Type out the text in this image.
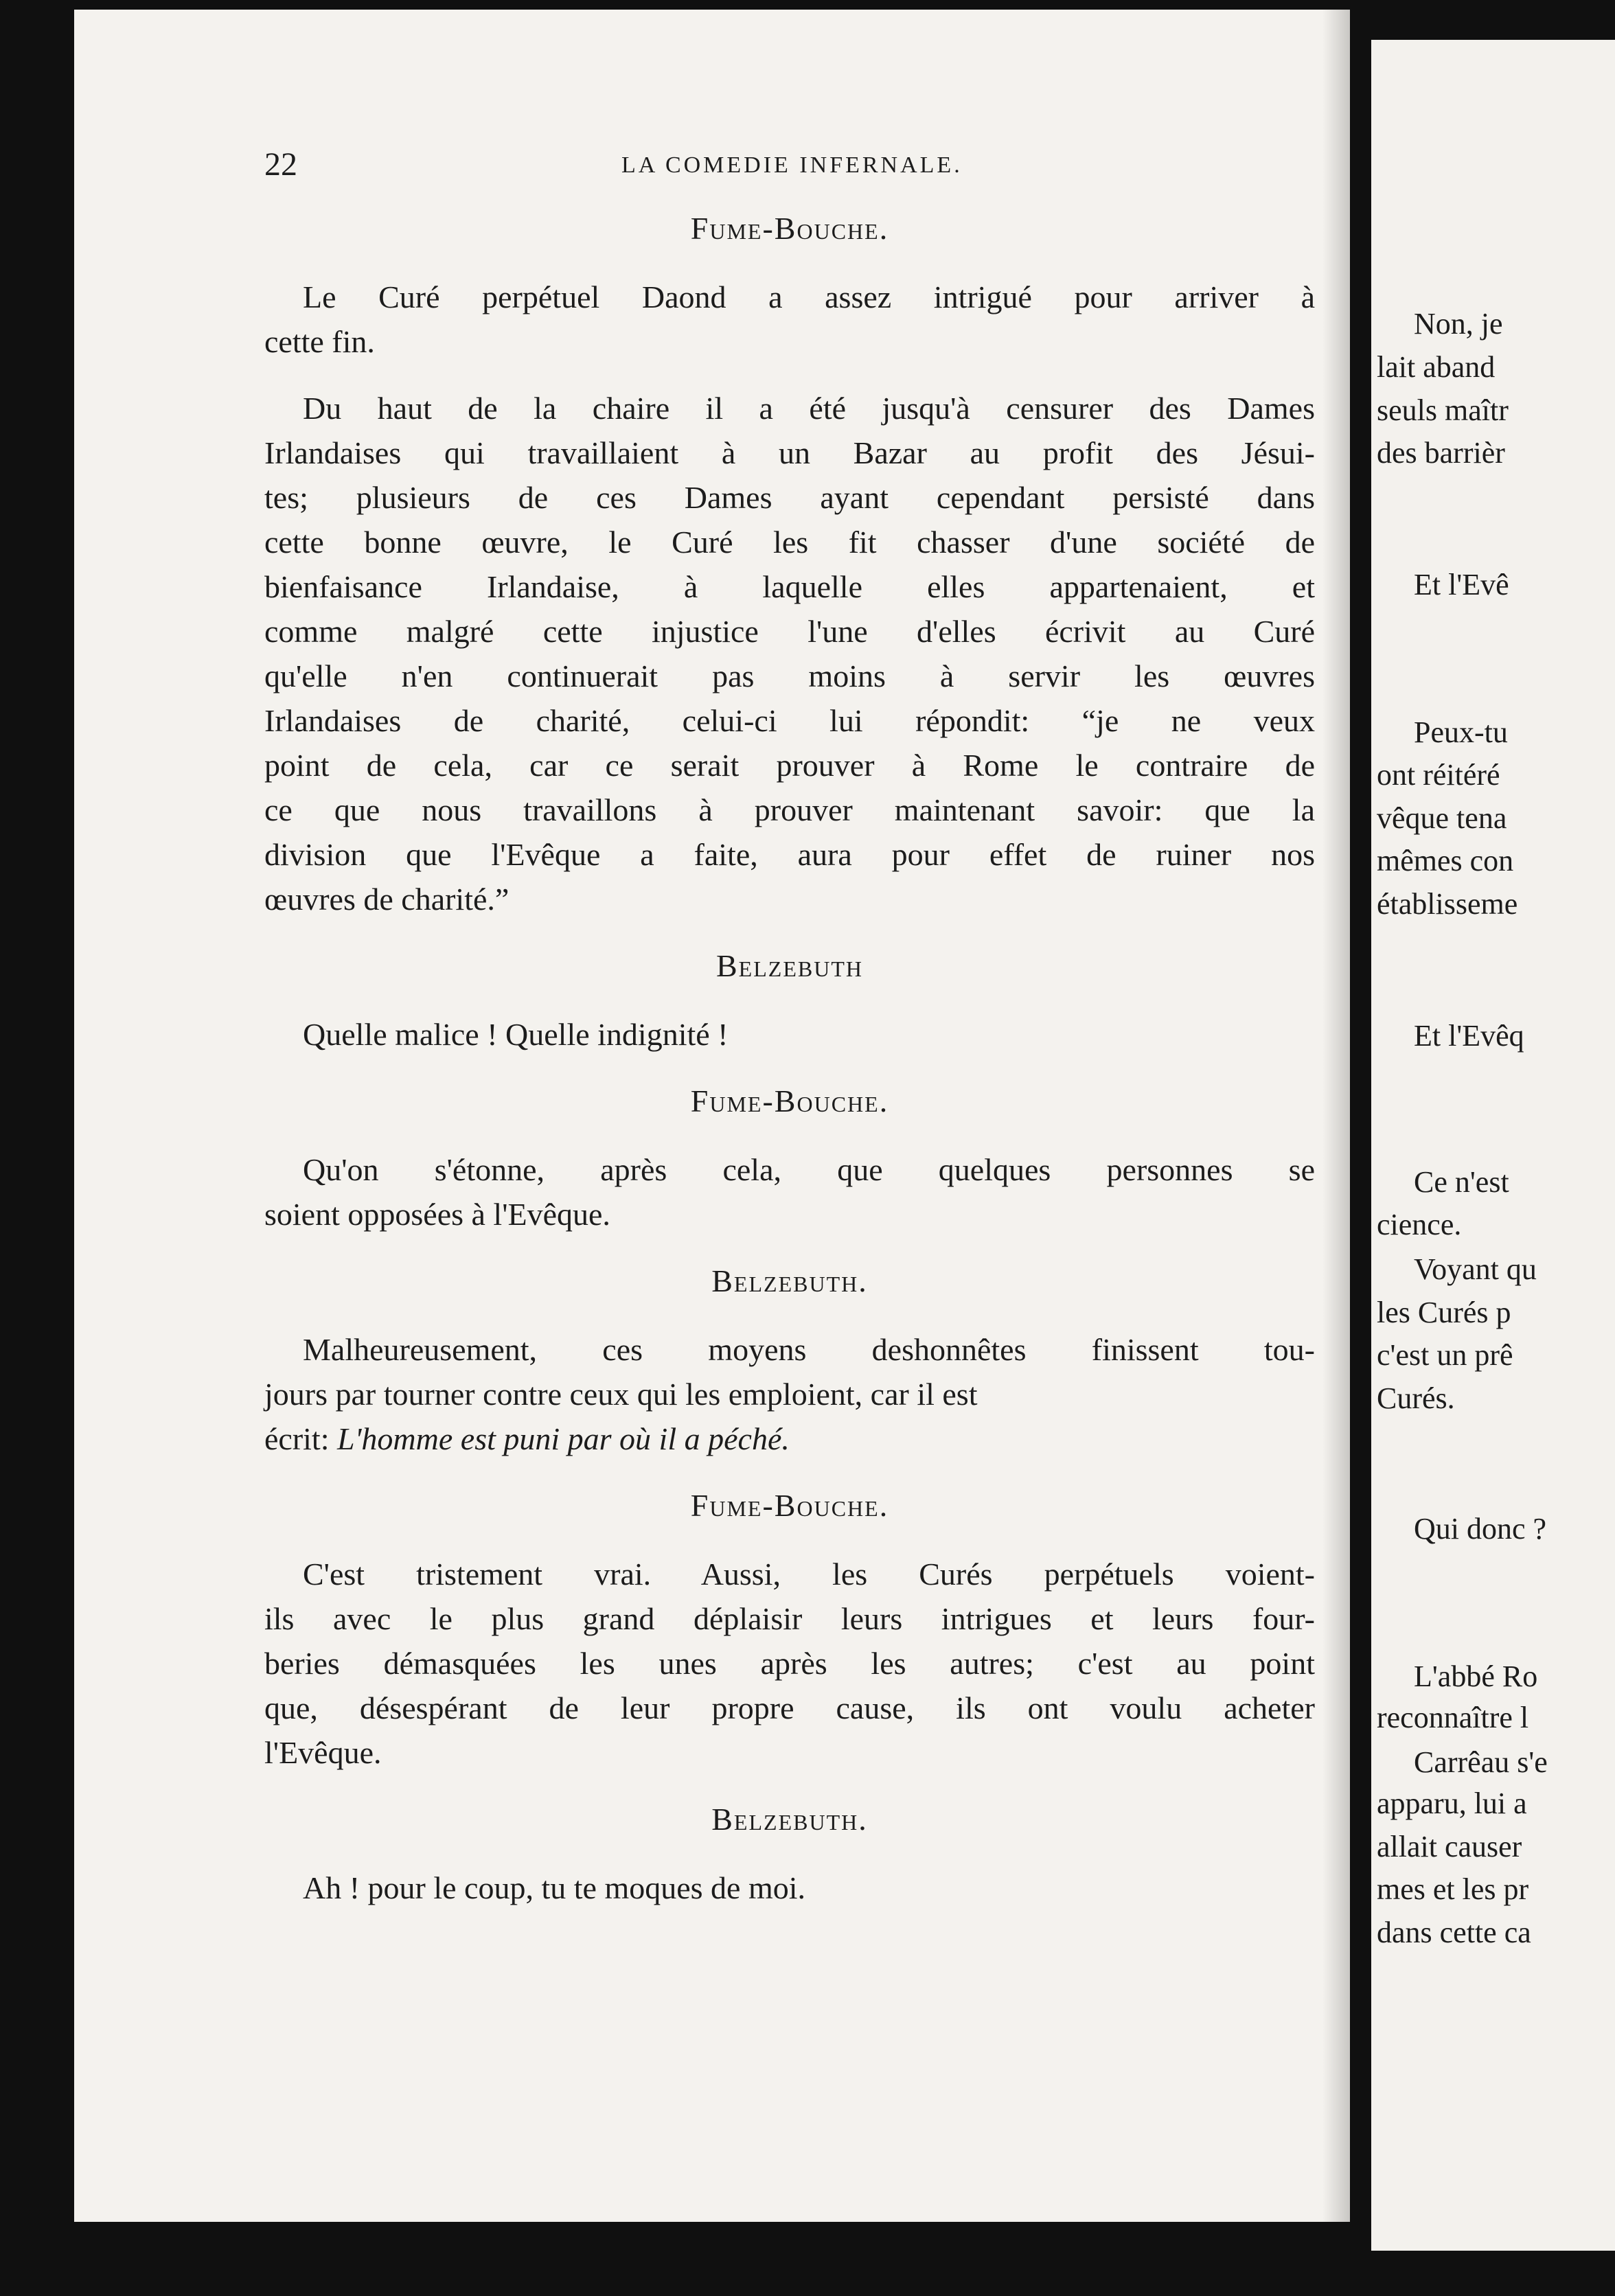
22	LA COMEDIE INFERNALE.
Fume-Bouche.
Le Curé perpétuel Daond a assez intrigué pour arriver à
cette fin.
Du haut de la chaire il a été jusqu'à censurer des Dames
Irlandaises qui travaillaient à un Bazar au profit des Jésui-
tes; plusieurs de ces Dames ayant cependant persisté dans
cette bonne œuvre, le Curé les fit chasser d'une société de
bienfaisance Irlandaise, à laquelle elles appartenaient, et
comme malgré cette injustice l'une d'elles écrivit au Curé
qu'elle n'en continuerait pas moins à servir les œuvres
Irlandaises de charité, celui-ci lui répondit: “je ne veux
point de cela, car ce serait prouver à Rome le contraire de
ce que nous travaillons à prouver maintenant savoir: que la
division que l'Evêque a faite, aura pour effet de ruiner nos
œuvres de charité.”
Belzebuth
Quelle malice ! Quelle indignité !
Fume-Bouche.
Qu'on s'étonne, après cela, que quelques personnes se
soient opposées à l'Evêque.
Belzebuth.
Malheureusement, ces moyens deshonnêtes finissent tou-
jours par tourner contre ceux qui les emploient, car il est
écrit: L'homme est puni par où il a péché.
Fume-Bouche.
C'est tristement vrai. Aussi, les Curés perpétuels voient-
ils avec le plus grand déplaisir leurs intrigues et leurs four-
beries démasquées les unes après les autres; c'est au point
que, désespérant de leur propre cause, ils ont voulu acheter
l'Evêque.
Belzebuth.
Ah ! pour le coup, tu te moques de moi.
Non, je
lait aband
seuls maîtr
des barrièr
Et l'Evê
Peux-tu
ont réitéré
vêque tena
mêmes con
établisseme
Et l'Evêq
Ce n'est
cience.
Voyant qu
les Curés p
c'est un prê
Curés.
Qui donc ?
L'abbé Ro
reconnaître l
Carrêau s'e
apparu, lui a
allait causer
mes et les pr
dans cette ca
